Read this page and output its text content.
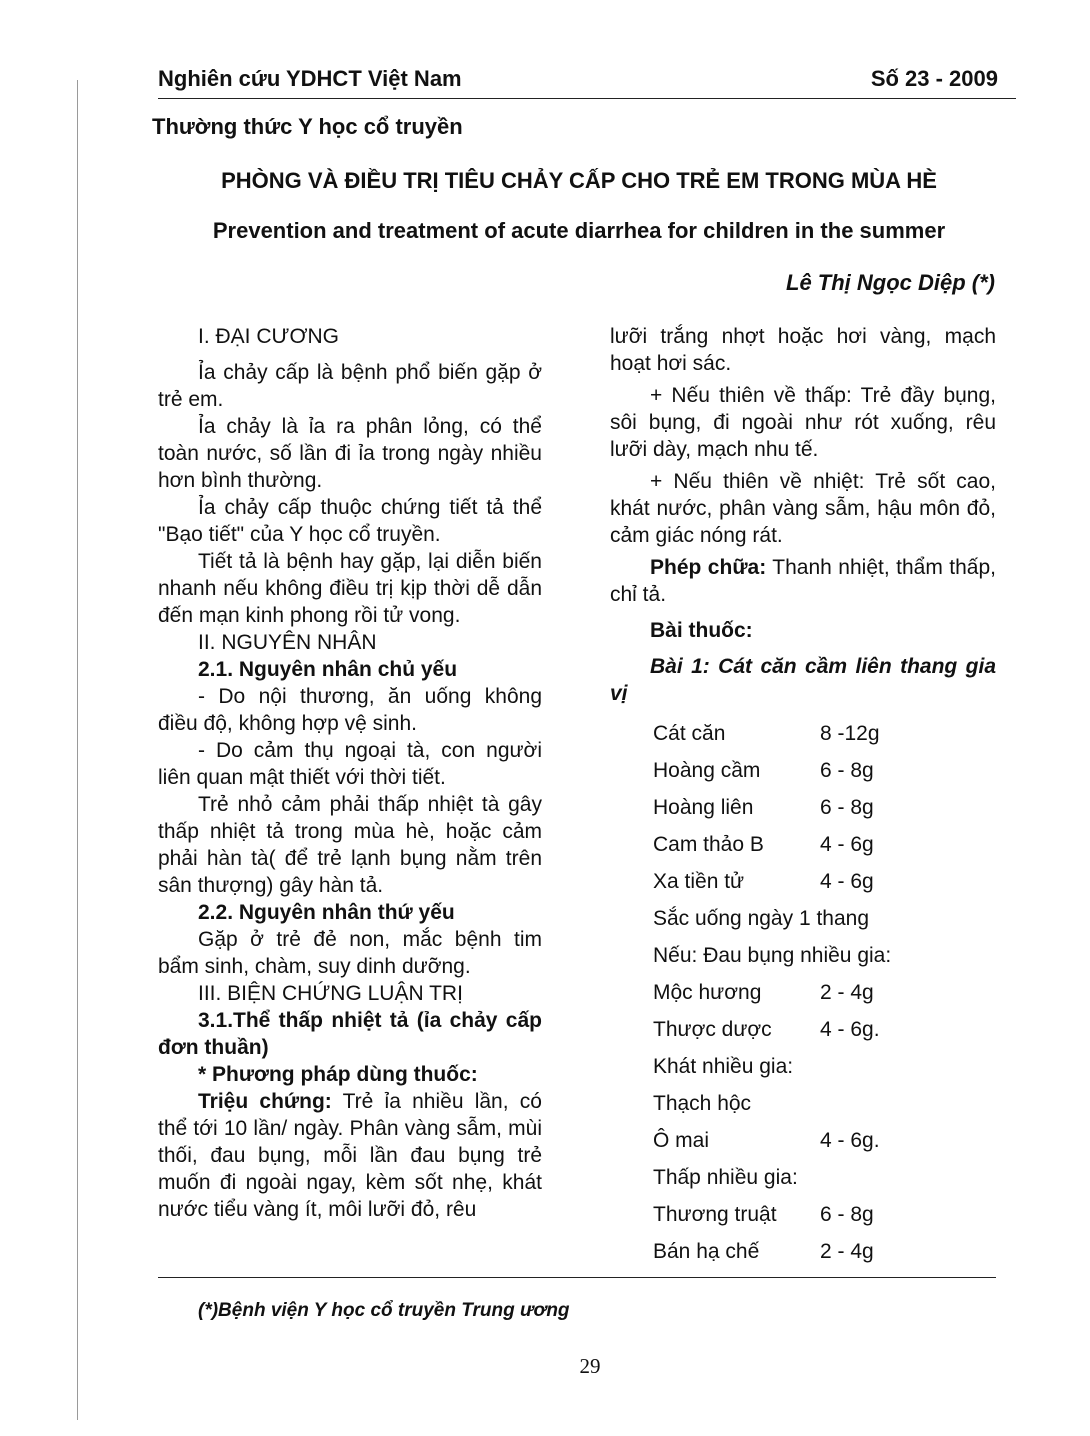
Nghiên cứu YDHCT Việt Nam	Số 23 - 2009
Thường thức Y học cổ truyền
PHÒNG VÀ ĐIỀU TRỊ TIÊU CHẢY CẤP CHO TRẺ EM TRONG MÙA HÈ
Prevention and treatment of acute diarrhea for children in the summer
Lê Thị Ngọc Diệp (*)

I. ĐẠI CƯƠNG

Ỉa chảy cấp là bệnh phổ biến gặp ở trẻ em.

Ỉa chảy là ỉa ra phân lỏng, có thể toàn nước, số lần đi ỉa trong ngày nhiều hơn bình thường.

Ỉa chảy cấp thuộc chứng tiết tả thể "Bạo tiết" của Y học cổ truyền.

Tiết tả là bệnh hay gặp, lại diễn biến nhanh nếu không điều trị kịp thời dễ dẫn đến mạn kinh phong rồi tử vong.

II. NGUYÊN NHÂN

2.1. Nguyên nhân chủ yếu

- Do nội thương, ăn uống không điều độ, không hợp vệ sinh.

- Do cảm thụ ngoại tà, con người liên quan mật thiết với thời tiết.

Trẻ nhỏ cảm phải thấp nhiệt tà gây thấp nhiệt tả trong mùa hè, hoặc cảm phải hàn tà( để trẻ lạnh bụng nằm trên sân thượng) gây hàn tả.

2.2. Nguyên nhân thứ yếu

Gặp ở trẻ đẻ non, mắc bệnh tim bẩm sinh, chàm, suy dinh dưỡng.

III. BIỆN CHỨNG LUẬN TRỊ

3.1.Thể thấp nhiệt tả (ỉa chảy cấp đơn thuần)

* Phương pháp dùng thuốc:

Triệu chứng: Trẻ ỉa nhiều lần, có thể tới 10 lần/ ngày. Phân vàng sẫm, mùi thối, đau bụng, mỗi lần đau bụng trẻ muốn đi ngoài ngay, kèm sốt nhẹ, khát nước tiểu vàng ít, môi lưỡi đỏ, rêu

lưỡi trắng nhợt hoặc hơi vàng, mạch hoạt hơi sác.

+ Nếu thiên về thấp: Trẻ đầy bụng, sôi bụng, đi ngoài như rót xuống, rêu lưỡi dày, mạch nhu tế.

+ Nếu thiên về nhiệt: Trẻ sốt cao, khát nước, phân vàng sẫm, hậu môn đỏ, cảm giác nóng rát.

Phép chữa: Thanh nhiệt, thẩm thấp, chỉ tả.

Bài thuốc:

Bài 1: Cát căn cầm liên thang gia vị

Cát căn	8 -12g
Hoàng cầm	6 - 8g
Hoàng liên	6 - 8g
Cam thảo B	4 - 6g
Xa tiền tử	4 - 6g
Sắc uống ngày 1 thang
Nếu: Đau bụng nhiều gia:
Mộc hương	2 - 4g
Thược dược	4 - 6g.
Khát nhiều gia:
Thạch hộc
Ô mai	4 - 6g.
Thấp nhiều gia:
Thương truật	6 - 8g
Bán hạ chế	2 - 4g
(*)Bệnh viện Y học cổ truyền Trung ương
29
